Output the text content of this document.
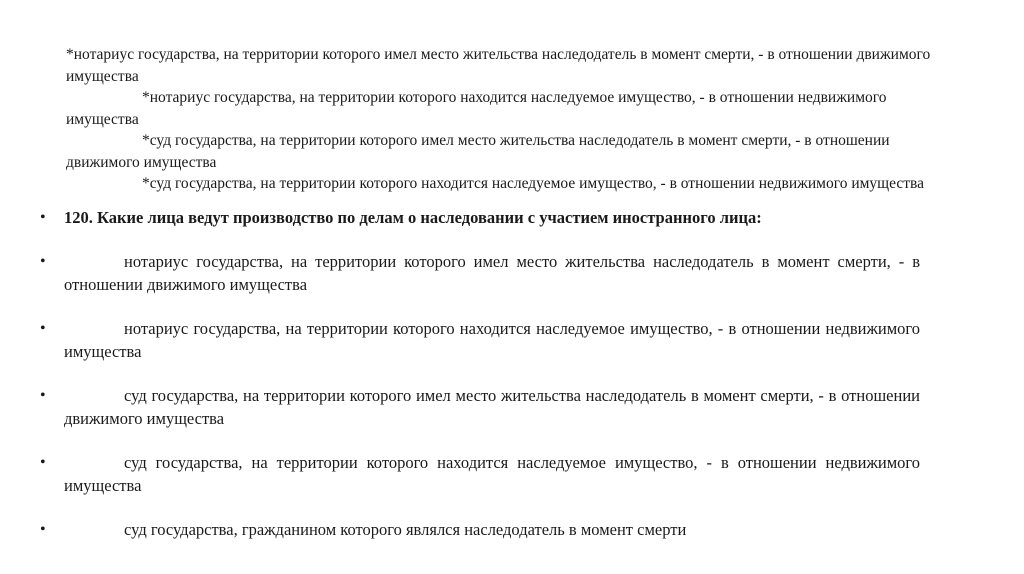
*нотариус государства, на территории которого имел место жительства наследодатель в момент смерти, - в отношении движимого имущества

*нотариус государства, на территории которого находится наследуемое имущество, - в отношении недвижимого имущества

*суд государства, на территории которого имел место жительства наследодатель в момент смерти, - в отношении движимого имущества

*суд государства, на территории которого находится наследуемое имущество, - в отношении недвижимого имущества

•	120. Какие лица ведут производство по делам о наследовании с участием иностранного лица:
•	нотариус государства, на территории которого имел место жительства наследодатель в момент смерти, - в отношении движимого имущества
•	нотариус государства, на территории которого находится наследуемое имущество, - в отношении недвижимого имущества
•	суд государства, на территории которого имел место жительства наследодатель в момент смерти, - в отношении движимого имущества
•	суд государства, на территории которого находится наследуемое имущество, - в отношении недвижимого имущества
•	суд государства, гражданином которого являлся наследодатель в момент смерти
